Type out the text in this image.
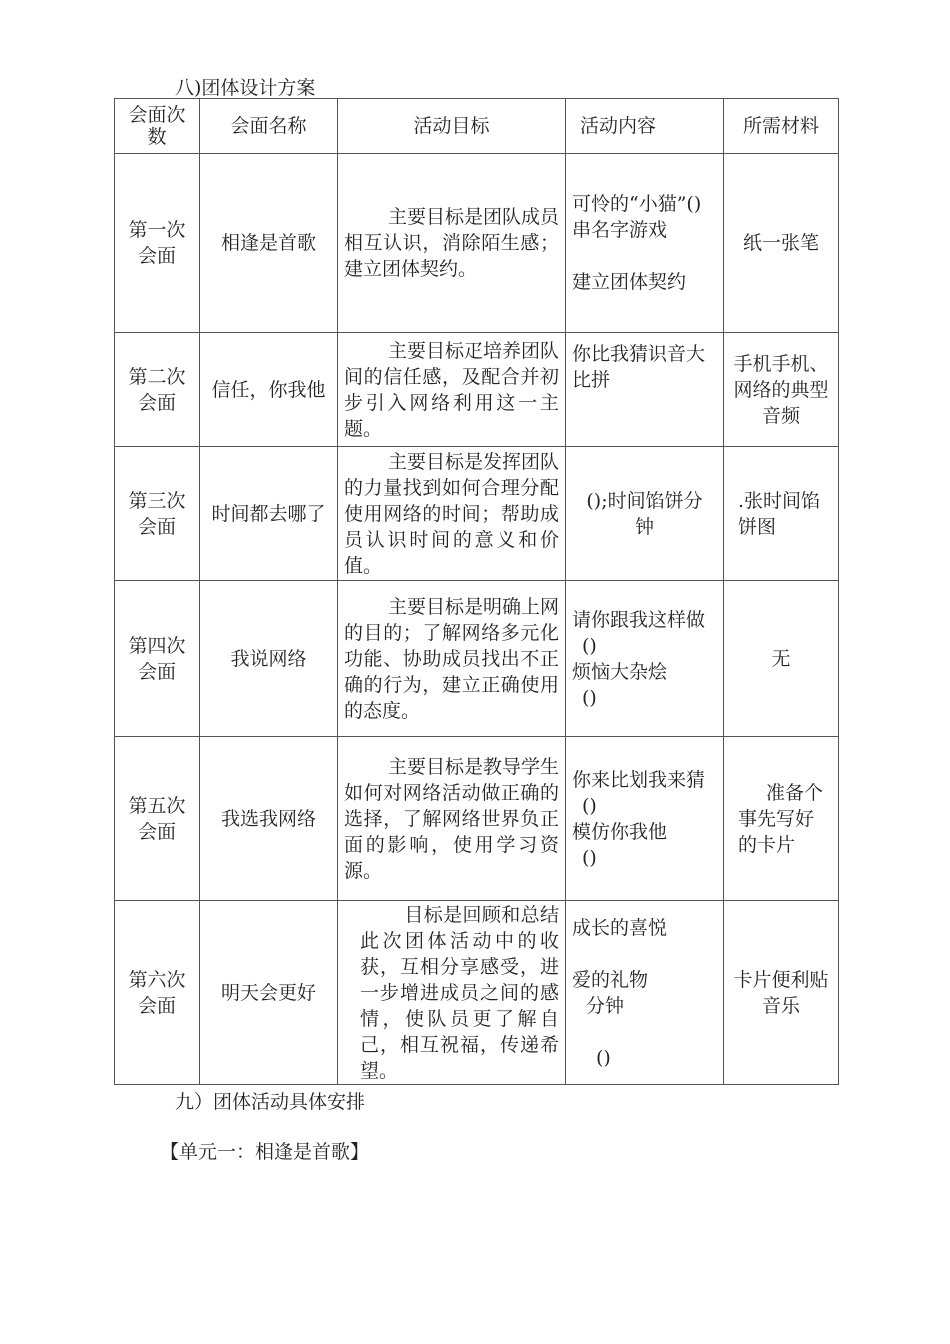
八)团体设计方案
会面次数	会面名称	活动目标	活动内容	所需材料
第一次会面	相逢是首歌	主要目标是团队成员相互认识，消除陌生感；建立团体契约。	可怜的“小猫”()
串名字游戏

建立团体契约	纸一张笔
第二次会面	信任，你我他	主要目标疋培养团队间的信任感，及配合并初步引入网络利用这一主题。	你比我猜识音大比拼	手机手机、网络的典型音频
第三次会面	时间都去哪了	主要目标是发挥团队的力量找到如何合理分配使用网络的时间；帮助成员认识时间的意义和价值。	();时间馅饼分钟	.张时间馅饼图
第四次会面	我说网络	主要目标是明确上网的目的；了解网络多元化功能、协助成员找出不正确的行为，建立正确使用的态度。	请你跟我这样做
()
烦恼大杂烩
()	无
第五次会面	我选我网络	主要目标是教导学生如何对网络活动做正确的选择，了解网络世界负正面的影响，使用学习资源。	你来比划我来猜
()
模仿你我他
()	准备个事先写好的卡片
第六次会面	明天会更好	目标是回顾和总结此次团体活动中的收获，互相分享感受，进一步增进成员之间的感情，使队员更了解自己，相互祝福，传递希望。	成长的喜悦

爱的礼物
分钟

()	卡片便利贴音乐
九）团体活动具体安排
【单元一：相逢是首歌】
